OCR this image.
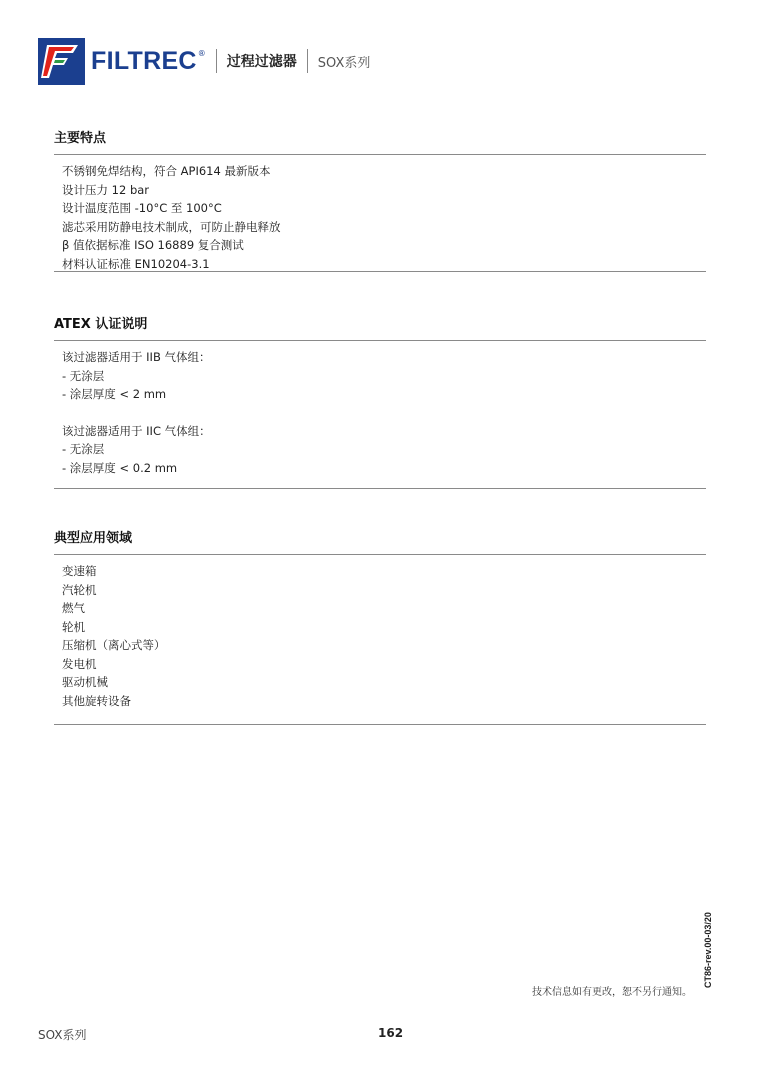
FILTREC ®
过程过滤器 SOX系列
主要特点
不锈钢免焊结构，符合 API614 最新版本
设计压力 12 bar
设计温度范围 -10°C 至 100°C
滤芯采用防静电技术制成，可防止静电释放
β 值依据标准 ISO 16889 复合测试
材料认证标准 EN10204-3.1
ATEX 认证说明
该过滤器适用于 IIB 气体组：
- 无涂层
- 涂层厚度 < 2 mm
该过滤器适用于 IIC 气体组：
- 无涂层
- 涂层厚度 < 0.2 mm
典型应用领域
变速箱
汽轮机
燃气
轮机
压缩机（离心式等）
发电机
驱动机械
其他旋转设备
CT86-rev.00-03/20
技术信息如有更改，恕不另行通知。
SOX系列	162
